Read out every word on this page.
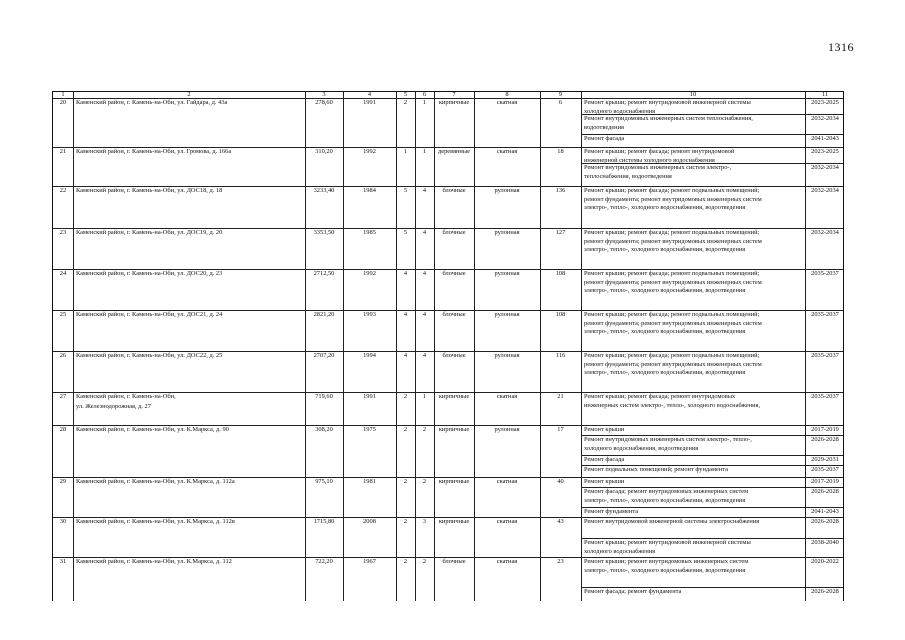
1316
1	2	3	4	5	6	7	8	9	10	11
20	Каменский район, г. Камень-на-Оби, ул. Гайдара, д. 43а	278,60	1991	2	1	кирпичные	скатная	6	Ремонт крыши; ремонт внутридомовой инженерной системы
холодного водоснабжения
2023-2025
Ремонт внутридомовых инженерных систем теплоснабжения,
водоотведения
2032-2034
Ремонт фасада	2041-2043
21	Каменский район, г. Камень-на-Оби, ул. Громова, д. 166а	310,20	1992	1	1	деревянные	скатная	18	Ремонт крыши; ремонт фасада; ремонт внутридомовой
инженерной системы холодного водоснабжения
2023-2025
Ремонт внутридомовых инженерных систем электро-,
теплоснабжения, водоотведения
2032-2034
22	Каменский район, г. Камень-на-Оби, ул. ДОС18, д. 18	3233,40	1984	5	4	блочные	рулонная	136	Ремонт крыши; ремонт фасада; ремонт подвальных помещений;
ремонт фундамента; ремонт внутридомовых инженерных систем
электро-, тепло-, холодного водоснабжения, водоотведения
2032-2034
23	Каменский район, г. Камень-на-Оби, ул. ДОС19, д. 20	3353,50	1985	5	4	блочные	рулонная	127	Ремонт крыши; ремонт фасада; ремонт подвальных помещений;
ремонт фундамента; ремонт внутридомовых инженерных систем
электро-, тепло-, холодного водоснабжения, водоотведения
2032-2034
24	Каменский район, г. Камень-на-Оби, ул. ДОС20, д. 23	2712,50	1992	4	4	блочные	рулонная	108	Ремонт крыши; ремонт фасада; ремонт подвальных помещений;
ремонт фундамента; ремонт внутридомовых инженерных систем
электро-, тепло-, холодного водоснабжения, водоотведения
2035-2037
25	Каменский район, г. Камень-на-Оби, ул. ДОС21, д. 24	2821,20	1993	4	4	блочные	рулонная	108	Ремонт крыши; ремонт фасада; ремонт подвальных помещений;
ремонт фундамента; ремонт внутридомовых инженерных систем
электро-, тепло-, холодного водоснабжения, водоотведения
2035-2037
26	Каменский район, г. Камень-на-Оби, ул. ДОС22, д. 25	2707,20	1994	4	4	блочные	рулонная	116	Ремонт крыши; ремонт фасада; ремонт подвальных помещений;
ремонт фундамента; ремонт внутридомовых инженерных систем
электро-, тепло-, холодного водоснабжения, водоотведения
2035-2037
27	Каменский район, г. Камень-на-Оби,
ул. Железнодорожная, д. 27
719,60	1991	2	1	кирпичные	скатная	21	Ремонт крыши; ремонт фасада; ремонт внутридомовых
инженерных систем электро-, тепло-, холодного водоснабжения,
2035-2037
28	Каменский район, г. Камень-на-Оби, ул. К.Маркса, д. 90	308,20	1975	2	2	кирпичные	рулонная	17	Ремонт крыши	2017-2019
Ремонт внутридомовых инженерных систем электро-, тепло-,
холодного водоснабжения, водоотведения
2026-2028
Ремонт фасада	2029-2031
Ремонт подвальных помещений; ремонт фундамента	2035-2037
29	Каменский район, г. Камень-на-Оби, ул. К.Маркса, д. 112а	975,10	1981	2	2	кирпичные	скатная	40	Ремонт крыши	2017-2019
Ремонт фасада; ремонт внутридомовых инженерных систем
электро-, тепло-, холодного водоснабжения, водоотведения
2026-2028
Ремонт фундамента	2041-2043
30	Каменский район, г. Камень-на-Оби, ул. К.Маркса, д. 112в	1715,80	2008	2	3	кирпичные	скатная	43	Ремонт внутридомовой инженерной системы электроснабжения	2026-2028
Ремонт крыши; ремонт внутридомовой инженерной системы
холодного водоснабжения
2038-2040
31	Каменский район, г. Камень-на-Оби, ул. К.Маркса, д. 112	722,20	1967	2	2	блочные	скатная	23	Ремонт крыши; ремонт внутридомовых инженерных систем
электро-, тепло-, холодного водоснабжения, водоотведения
2020-2022
Ремонт фасада; ремонт фундамента	2026-2028
